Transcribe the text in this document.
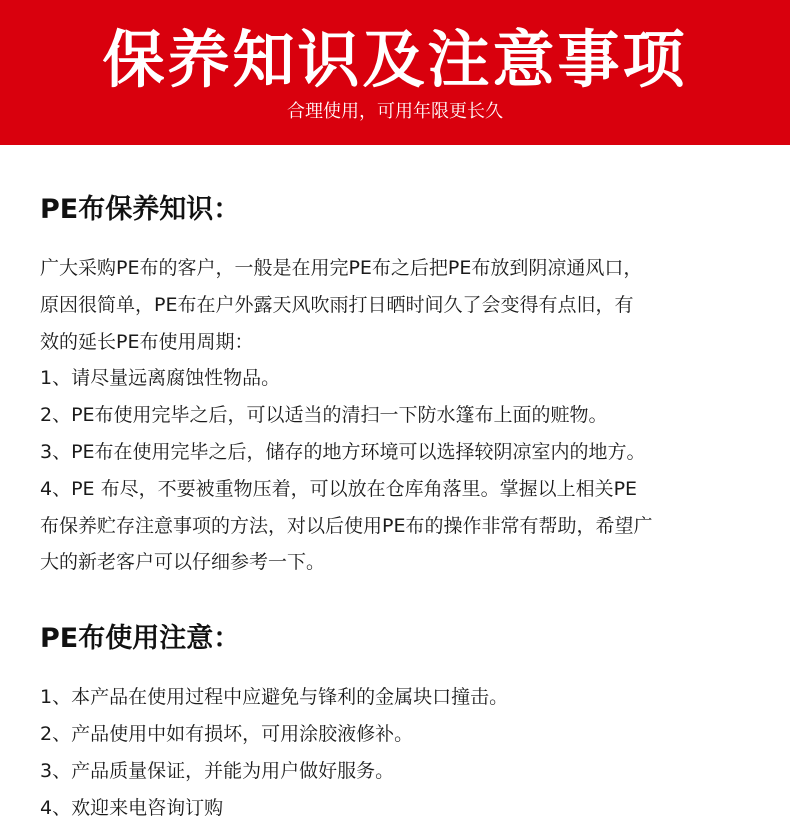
保养知识及注意事项
合理使用，可用年限更长久
PE布保养知识：
广大采购PE布的客户，一般是在用完PE布之后把PE布放到阴凉通风口，
原因很简单，PE布在户外露天风吹雨打日晒时间久了会变得有点旧，有
效的延长PE布使用周期：
1、请尽量远离腐蚀性物品。
2、PE布使用完毕之后，可以适当的清扫一下防水篷布上面的赃物。
3、PE布在使用完毕之后，储存的地方环境可以选择较阴凉室内的地方。
4、PE 布尽，不要被重物压着，可以放在仓库角落里。掌握以上相关PE
布保养贮存注意事项的方法，对以后使用PE布的操作非常有帮助，希望广
大的新老客户可以仔细参考一下。
PE布使用注意：
1、本产品在使用过程中应避免与锋利的金属块口撞击。
2、产品使用中如有损坏，可用涂胶液修补。
3、产品质量保证，并能为用户做好服务。
4、欢迎来电咨询订购
